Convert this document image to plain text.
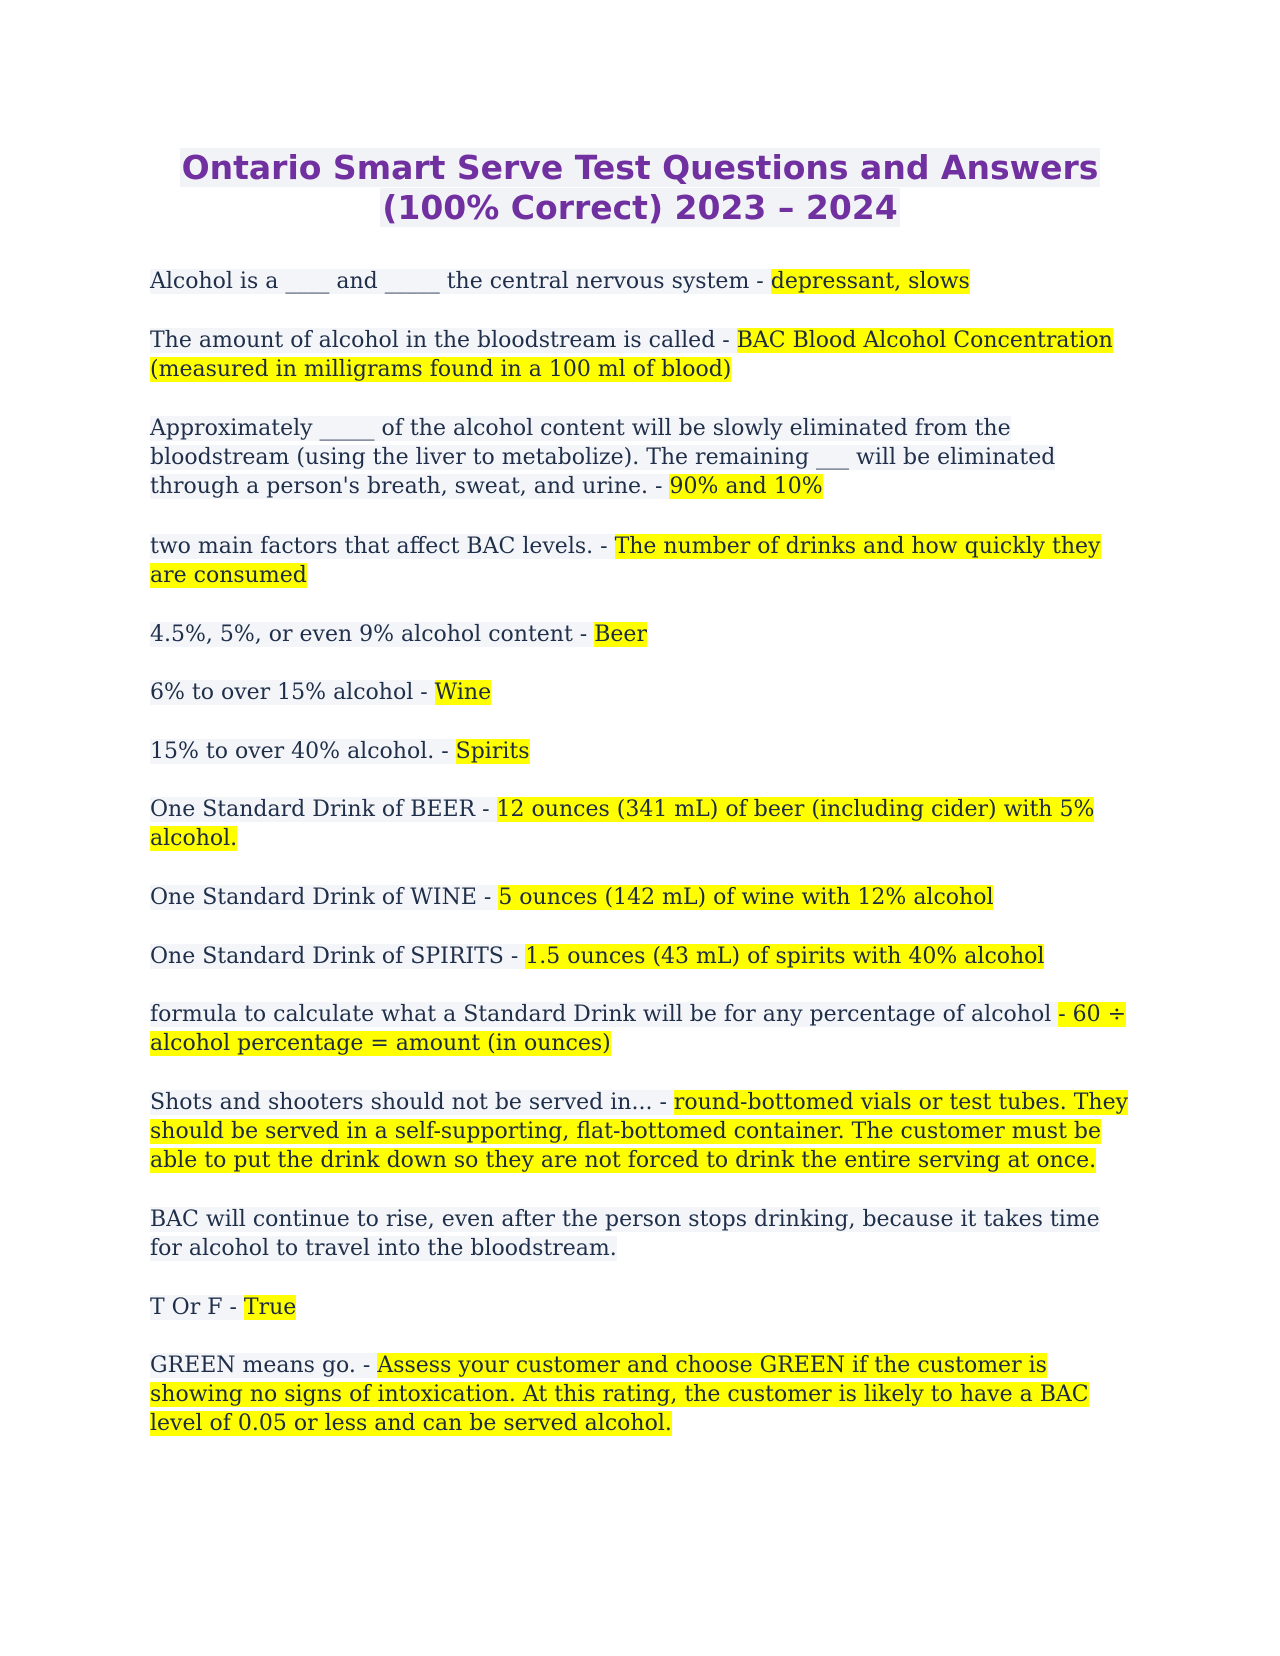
Ontario Smart Serve Test Questions and Answers
(100% Correct) 2023 – 2024

Alcohol is a ____ and _____ the central nervous system - depressant, slows

The amount of alcohol in the bloodstream is called - BAC Blood Alcohol Concentration (measured in milligrams found in a 100 ml of blood)

Approximately _____ of the alcohol content will be slowly eliminated from the bloodstream (using the liver to metabolize). The remaining ___ will be eliminated through a person's breath, sweat, and urine. - 90% and 10%

two main factors that affect BAC levels. - The number of drinks and how quickly they are consumed

4.5%, 5%, or even 9% alcohol content - Beer

6% to over 15% alcohol - Wine

15% to over 40% alcohol. - Spirits

One Standard Drink of BEER - 12 ounces (341 mL) of beer (including cider) with 5% alcohol.

One Standard Drink of WINE - 5 ounces (142 mL) of wine with 12% alcohol

One Standard Drink of SPIRITS - 1.5 ounces (43 mL) of spirits with 40% alcohol

formula to calculate what a Standard Drink will be for any percentage of alcohol - 60 ÷ alcohol percentage = amount (in ounces)

Shots and shooters should not be served in... - round-bottomed vials or test tubes. They should be served in a self-supporting, flat-bottomed container. The customer must be able to put the drink down so they are not forced to drink the entire serving at once.

BAC will continue to rise, even after the person stops drinking, because it takes time for alcohol to travel into the bloodstream.

T Or F - True

GREEN means go. - Assess your customer and choose GREEN if the customer is showing no signs of intoxication. At this rating, the customer is likely to have a BAC level of 0.05 or less and can be served alcohol.
